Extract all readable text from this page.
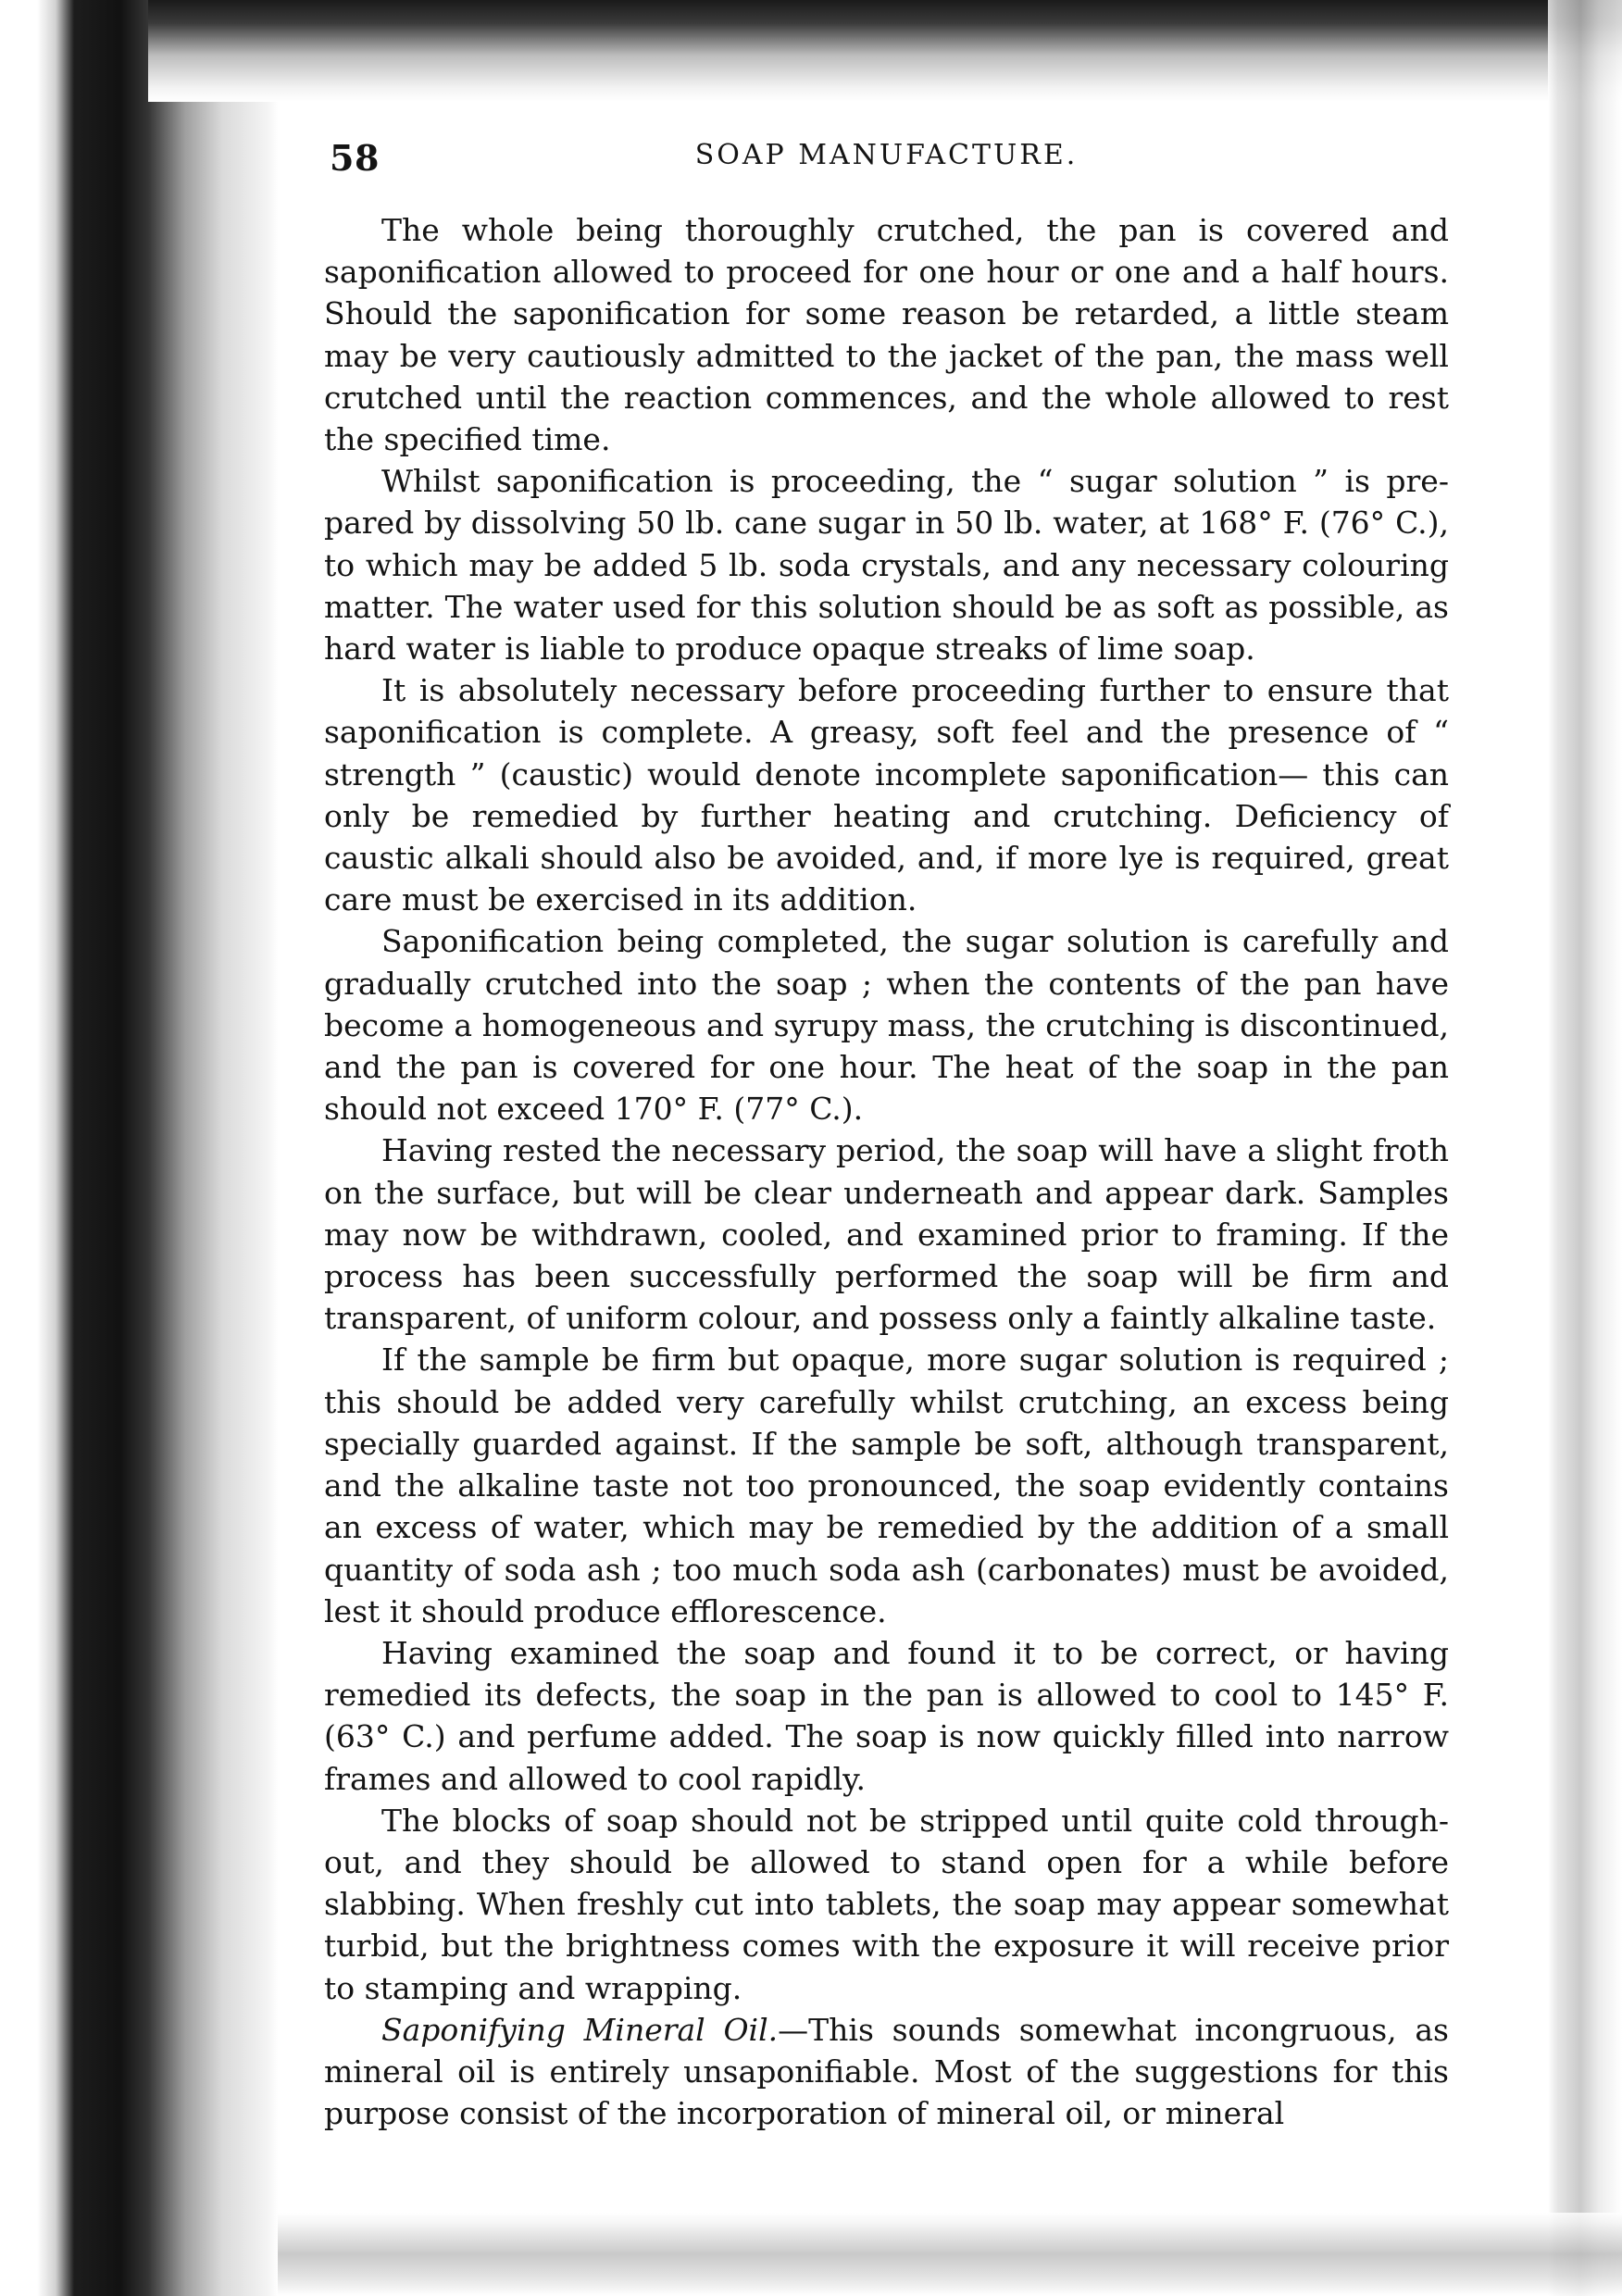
58	SOAP MANUFACTURE.

The whole being thoroughly crutched, the pan is covered and saponification allowed to proceed for one hour or one and a half hours. Should the saponification for some reason be retarded, a little steam may be very cautiously admitted to the jacket of the pan, the mass well crutched until the reaction commences, and the whole allowed to rest the specified time.

Whilst saponification is proceeding, the “ sugar solution ” is prepared by dissolving 50 lb. cane sugar in 50 lb. water, at 168° F. (76° C.), to which may be added 5 lb. soda crystals, and any necessary colouring matter. The water used for this solution should be as soft as possible, as hard water is liable to produce opaque streaks of lime soap.

It is absolutely necessary before proceeding further to ensure that saponification is complete. A greasy, soft feel and the presence of “ strength ” (caustic) would denote incomplete saponification— this can only be remedied by further heating and crutching. Deficiency of caustic alkali should also be avoided, and, if more lye is required, great care must be exercised in its addition.

Saponification being completed, the sugar solution is carefully and gradually crutched into the soap ; when the contents of the pan have become a homogeneous and syrupy mass, the crutching is discontinued, and the pan is covered for one hour. The heat of the soap in the pan should not exceed 170° F. (77° C.).

Having rested the necessary period, the soap will have a slight froth on the surface, but will be clear underneath and appear dark. Samples may now be withdrawn, cooled, and examined prior to framing. If the process has been successfully performed the soap will be firm and transparent, of uniform colour, and possess only a faintly alkaline taste.

If the sample be firm but opaque, more sugar solution is required ; this should be added very carefully whilst crutching, an excess being specially guarded against. If the sample be soft, although transparent, and the alkaline taste not too pronounced, the soap evidently contains an excess of water, which may be remedied by the addition of a small quantity of soda ash ; too much soda ash (carbonates) must be avoided, lest it should produce efflorescence.

Having examined the soap and found it to be correct, or having remedied its defects, the soap in the pan is allowed to cool to 145° F. (63° C.) and perfume added. The soap is now quickly filled into narrow frames and allowed to cool rapidly.

The blocks of soap should not be stripped until quite cold throughout, and they should be allowed to stand open for a while before slabbing. When freshly cut into tablets, the soap may appear somewhat turbid, but the brightness comes with the exposure it will receive prior to stamping and wrapping.

Saponifying Mineral Oil.—This sounds somewhat incongruous, as mineral oil is entirely unsaponifiable. Most of the suggestions for this purpose consist of the incorporation of mineral oil, or mineral
